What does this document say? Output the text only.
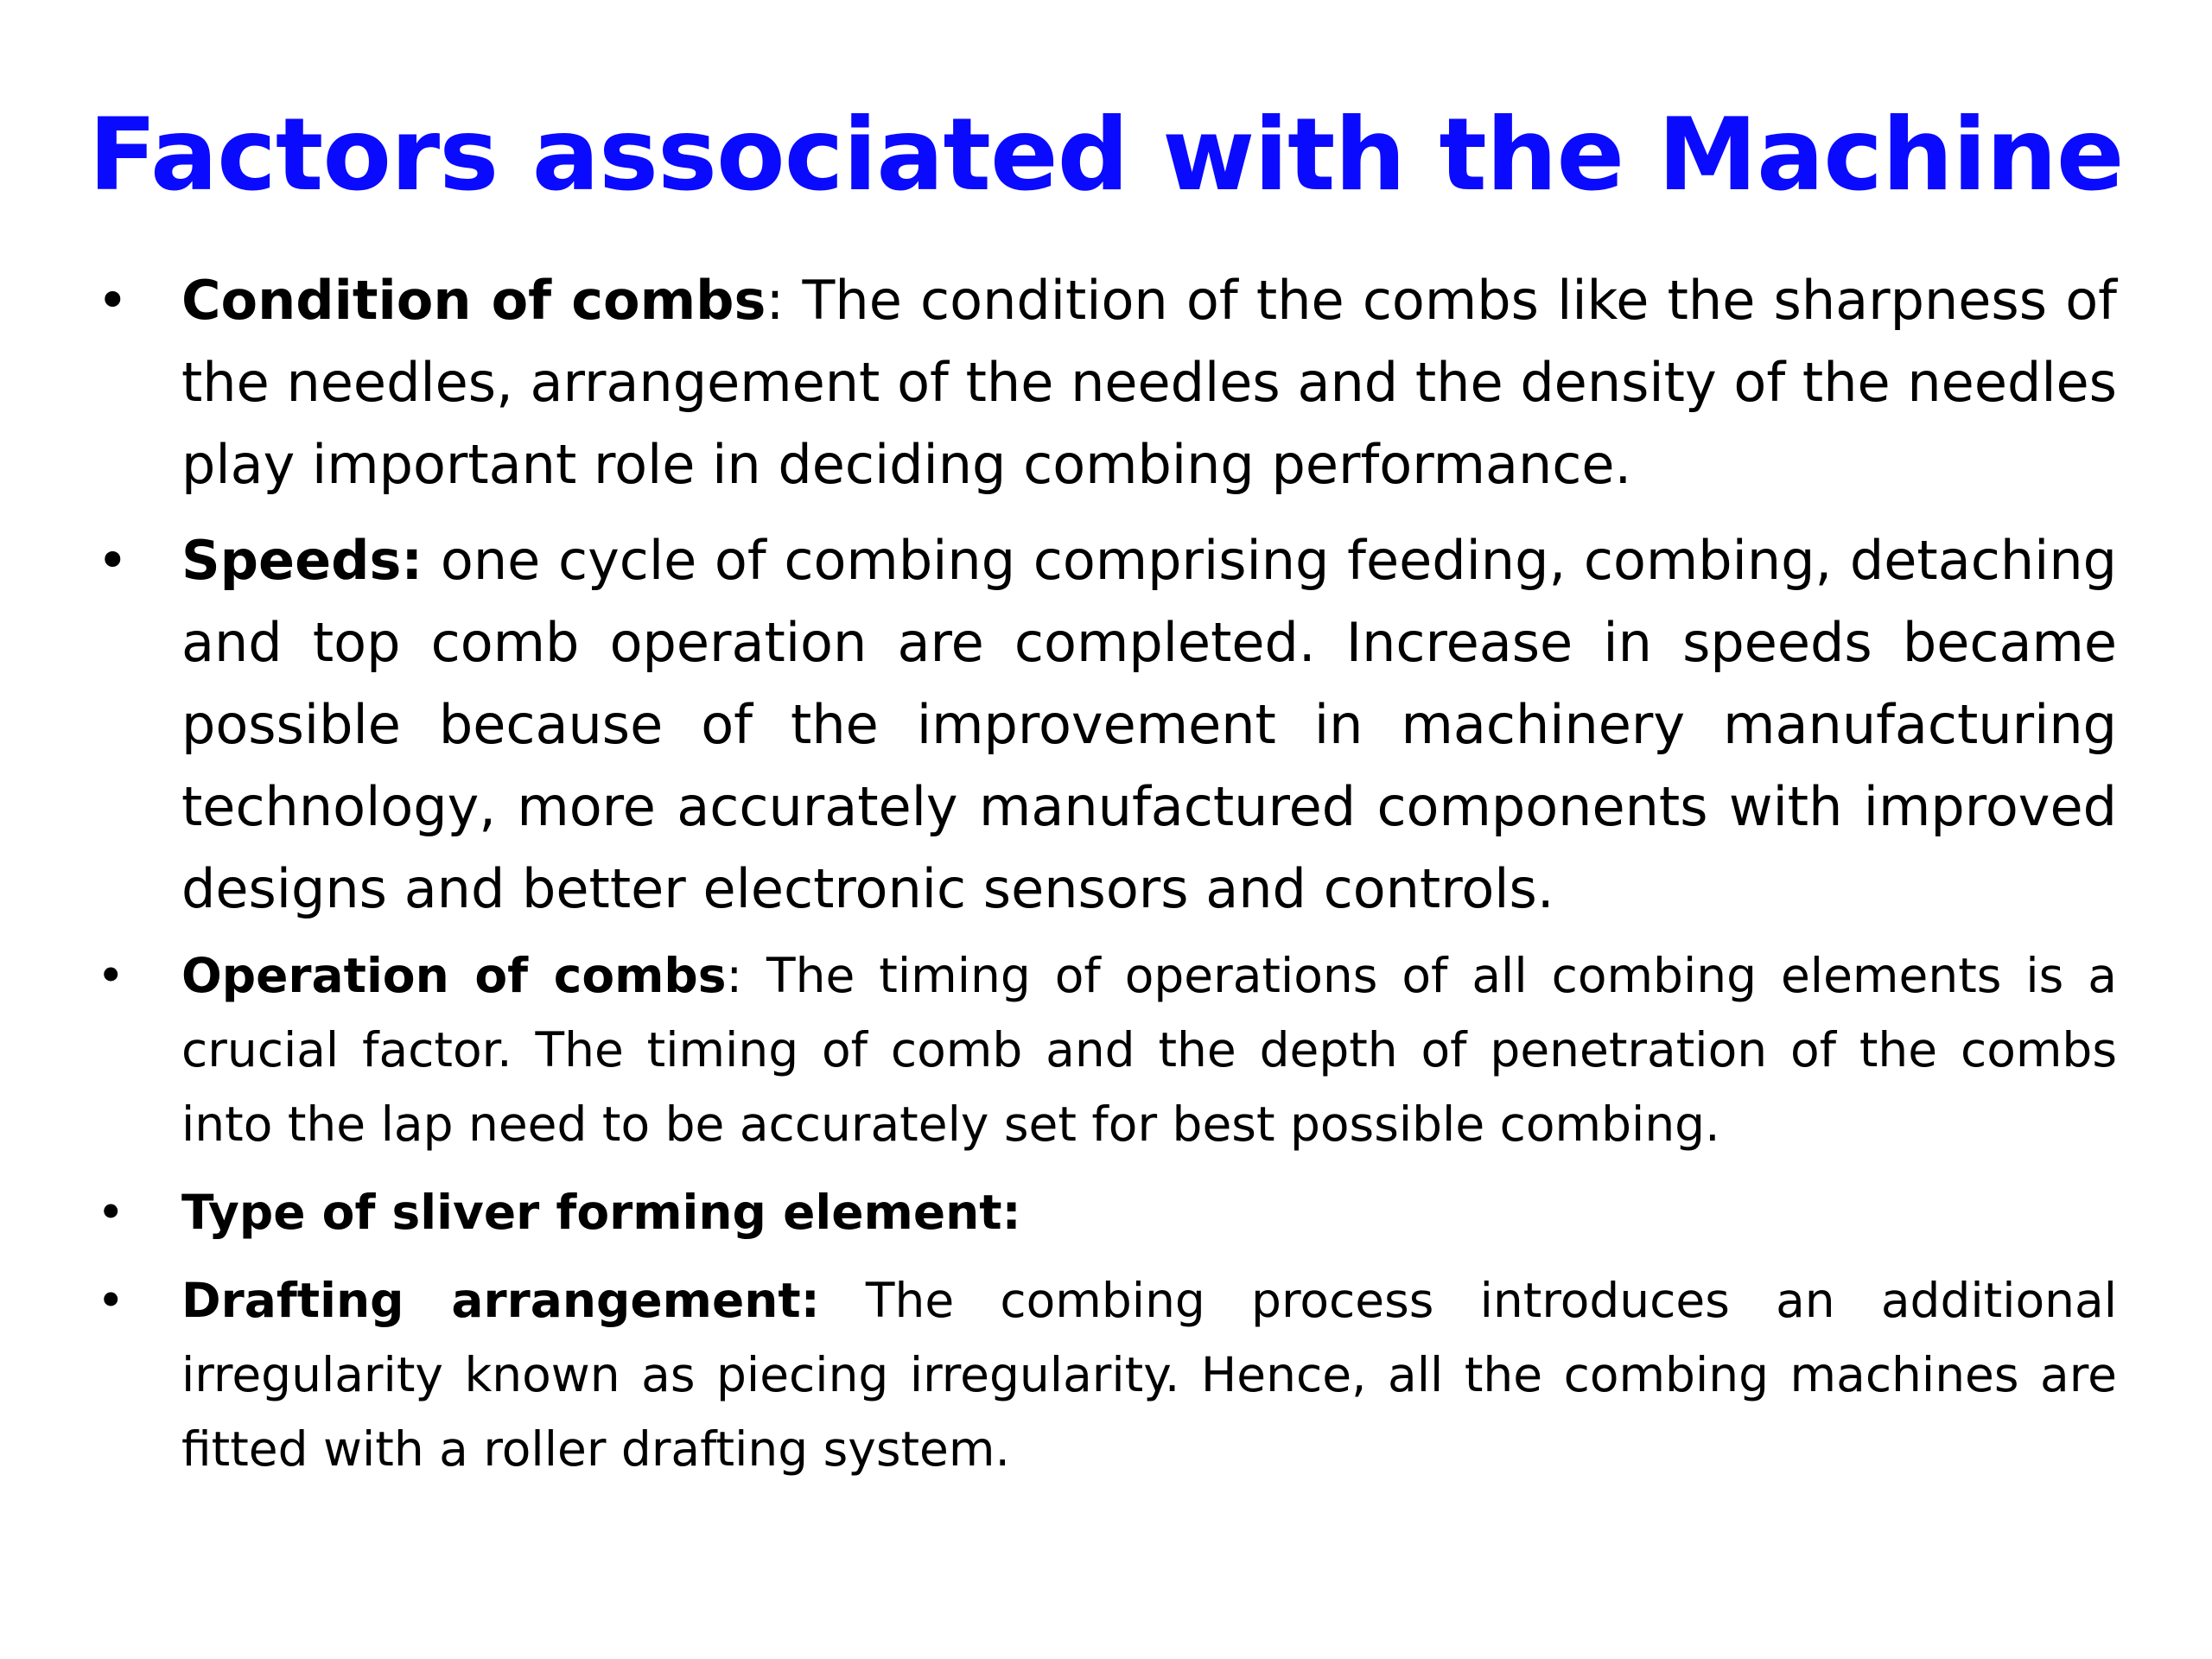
Factors associated with the Machine
• Condition of combs: The condition of the combs like the sharpness of the needles, arrangement of the needles and the density of the needles play important role in deciding combing performance.
• Speeds: one cycle of combing comprising feeding, combing, detaching and top comb operation are completed. Increase in speeds became possible because of the improvement in machinery manufacturing technology, more accurately manufactured components with improved designs and better electronic sensors and controls.
• Operation of combs: The timing of operations of all combing elements is a crucial factor. The timing of comb and the depth of penetration of the combs into the lap need to be accurately set for best possible combing.
• Type of sliver forming element:
• Drafting arrangement: The combing process introduces an additional irregularity known as piecing irregularity. Hence, all the combing machines are fitted with a roller drafting system.
